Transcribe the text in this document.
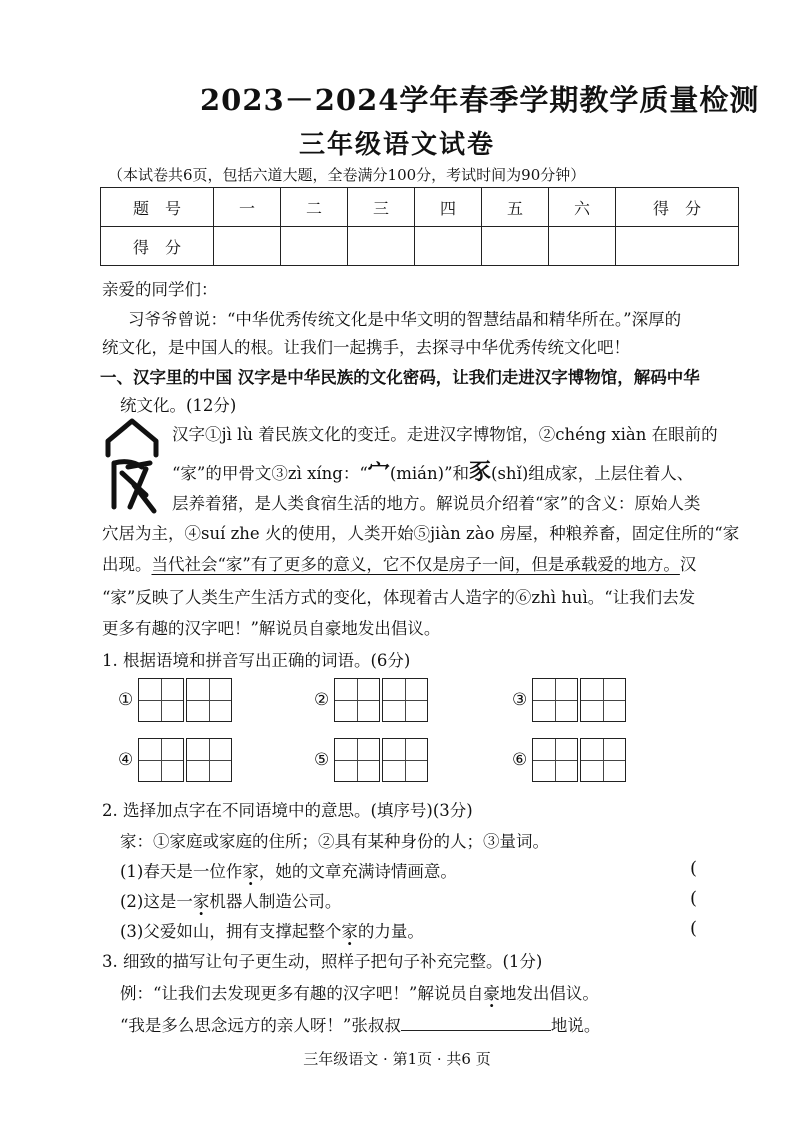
2023－2024学年春季学期教学质量检测
三年级语文试卷
（本试卷共6页，包括六道大题，全卷满分100分，考试时间为90分钟）
题　号	一	二	三	四	五	六	得　分
得　分							
亲爱的同学们：
习爷爷曾说：“中华优秀传统文化是中华文明的智慧结晶和精华所在。”深厚的
统文化，是中国人的根。让我们一起携手，去探寻中华优秀传统文化吧！
一、汉字里的中国 汉字是中华民族的文化密码，让我们走进汉字博物馆，解码中华
统文化。(12分)
汉字①jì lù 着民族文化的变迁。走进汉字博物馆，②chéng xiàn 在眼前的
“家”的甲骨文③zì xíng：“宀(mián)”和豕(shǐ)组成家，上层住着人、
层养着猪，是人类食宿生活的地方。解说员介绍着“家”的含义：原始人类
穴居为主，④suí zhe 火的使用，人类开始⑤jiàn zào 房屋，种粮养畜，固定住所的“家
出现。当代社会“家”有了更多的意义，它不仅是房子一间，但是承载爱的地方。汉
“家”反映了人类生产生活方式的变化，体现着古人造字的⑥zhì huì。“让我们去发
更多有趣的汉字吧！”解说员自豪地发出倡议。
1. 根据语境和拼音写出正确的词语。(6分)
①	②	③
④	⑤	⑥
2. 选择加点字在不同语境中的意思。(填序号)(3分)
家：①家庭或家庭的住所；②具有某种身份的人；③量词。
(1)春天是一位作家，她的文章充满诗情画意。	(
(2)这是一家机器人制造公司。	(
(3)父爱如山，拥有支撑起整个家的力量。	(
3. 细致的描写让句子更生动，照样子把句子补充完整。(1分)
例：“让我们去发现更多有趣的汉字吧！”解说员自豪地发出倡议。
“我是多么思念远方的亲人呀！”张叔叔	地说。
三年级语文 · 第1页 · 共6 页
